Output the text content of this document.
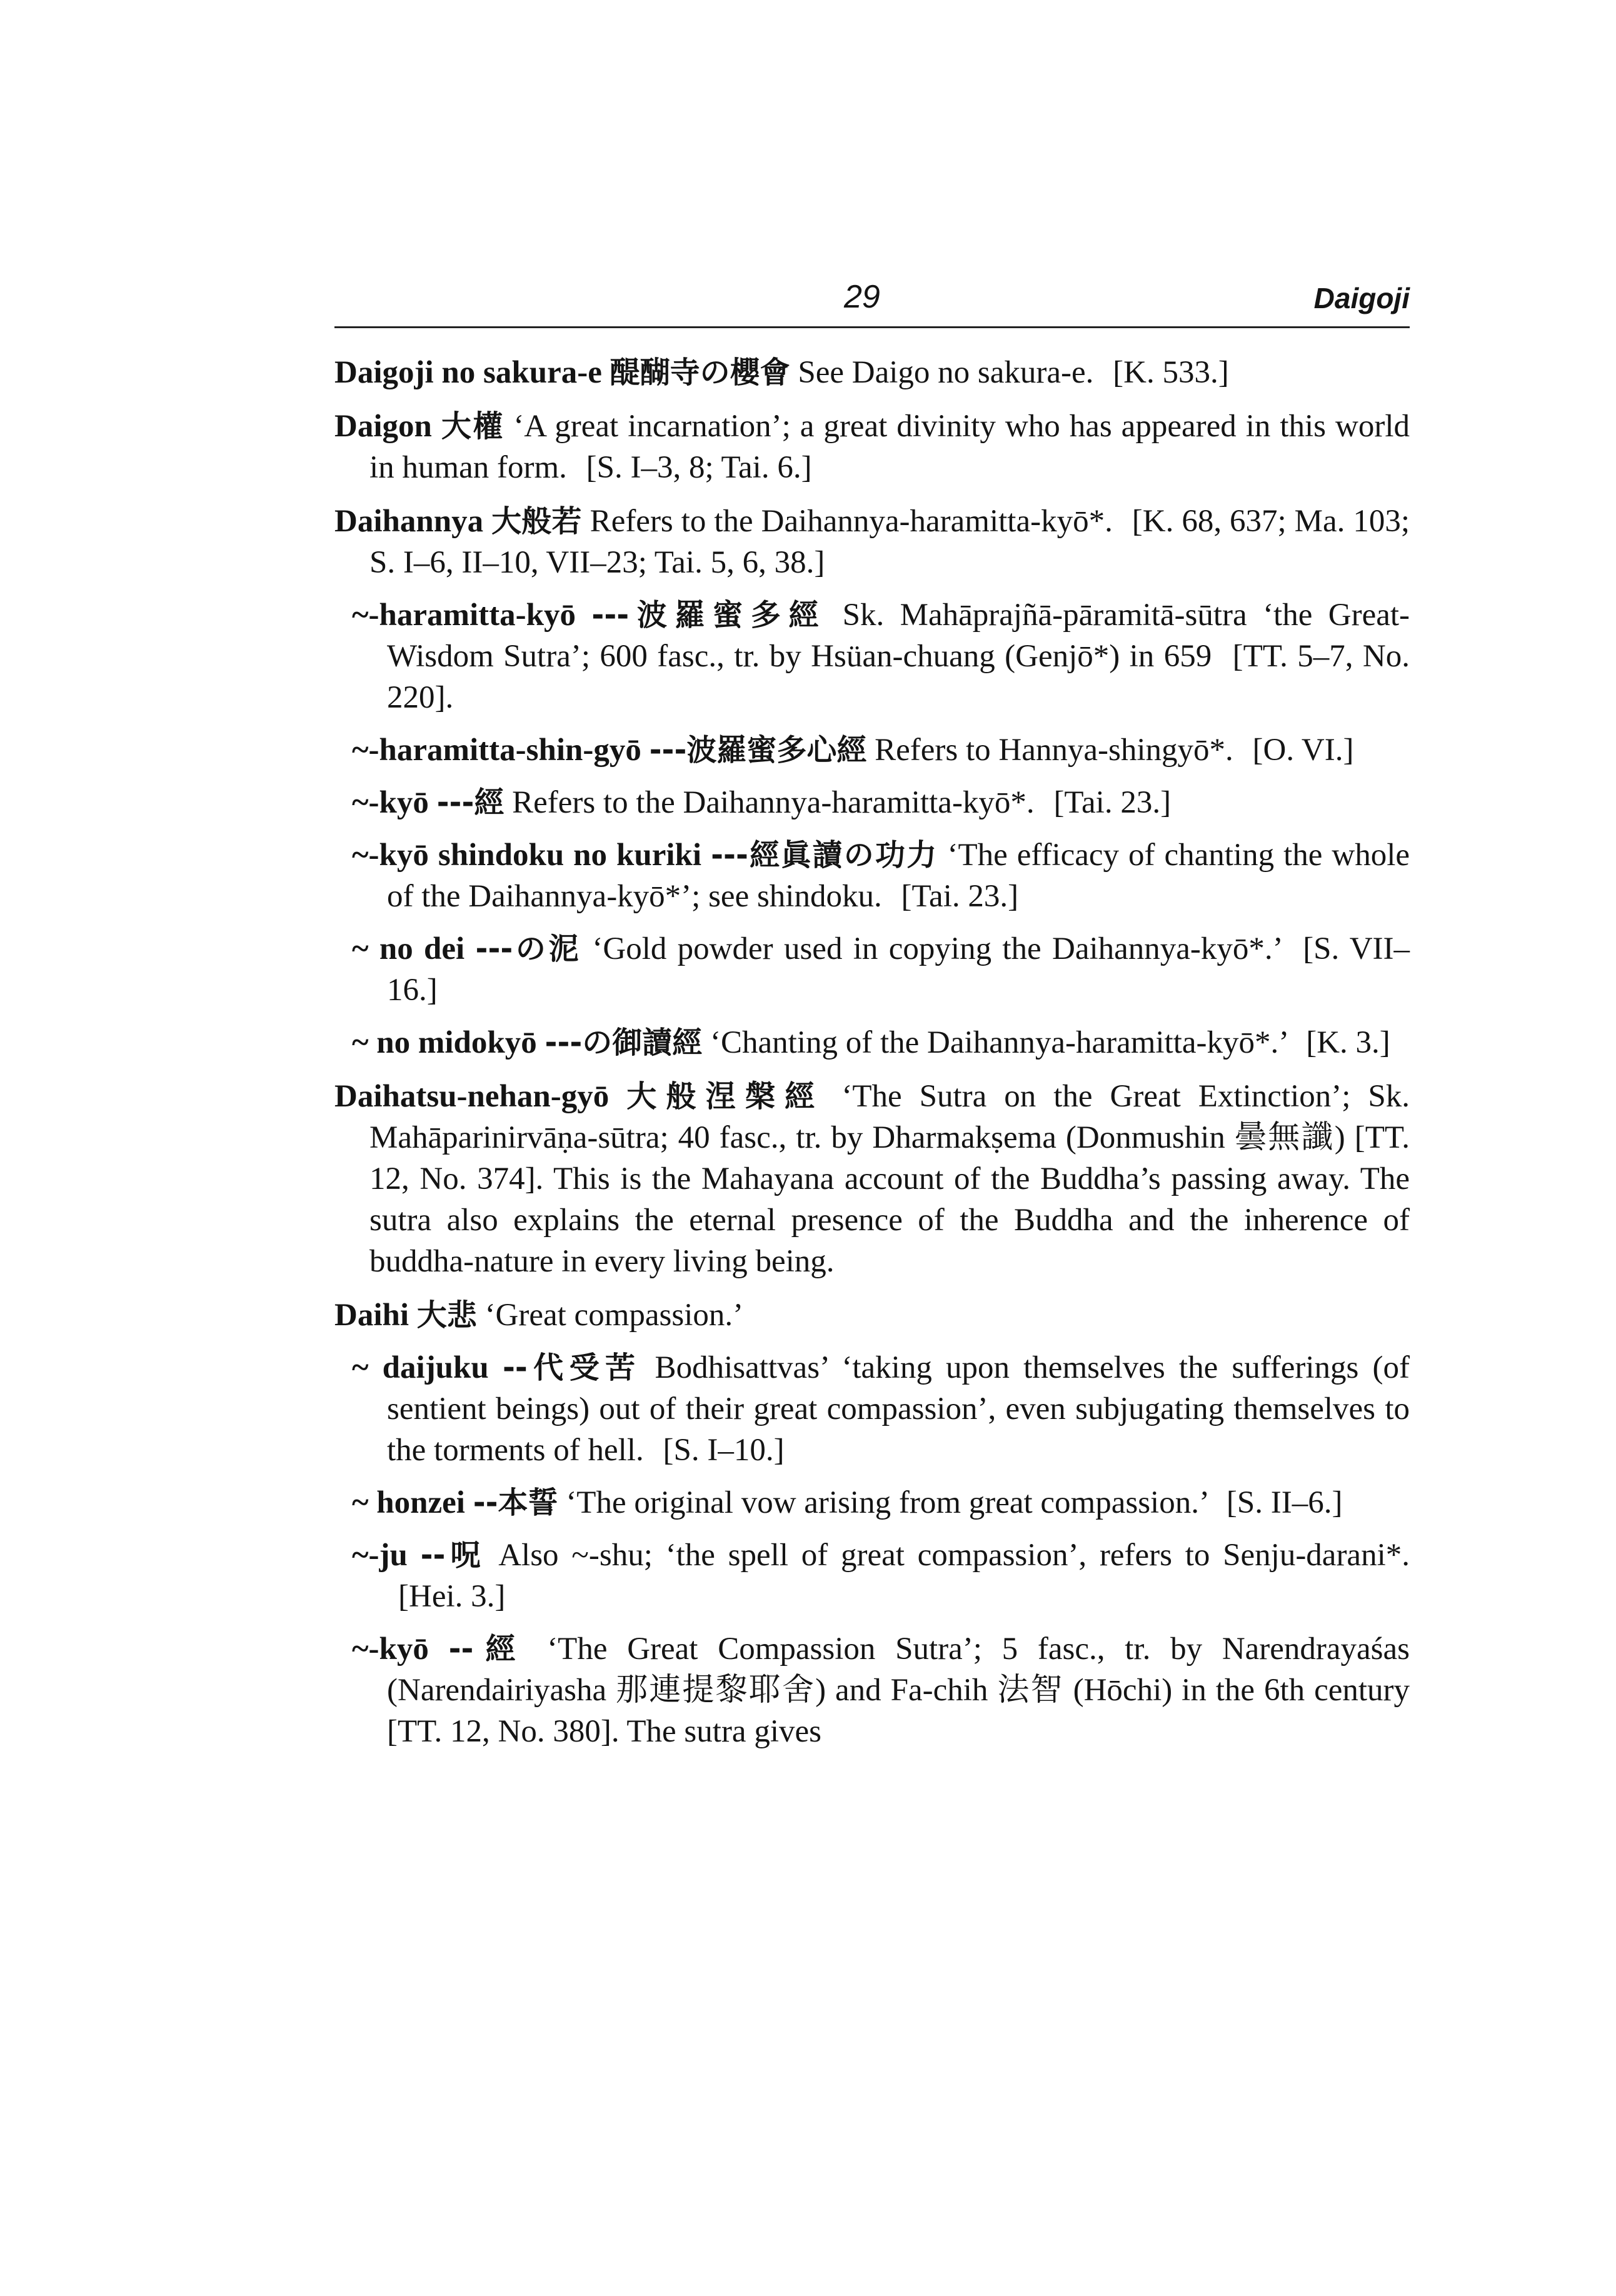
29	Daigoji

Daigoji no sakura-e 醍醐寺の櫻會 See Daigo no sakura-e. [K. 533.]

Daigon 大權 ‘A great incarnation’; a great divinity who has appeared in this world in human form. [S. I–3, 8; Tai. 6.]

Daihannya 大般若 Refers to the Daihannya-haramitta-kyō*. [K. 68, 637; Ma. 103; S. I–6, II–10, VII–23; Tai. 5, 6, 38.]

~-haramitta-kyō ---波羅蜜多經 Sk. Mahāprajñā-pāramitā-sūtra ‘the Great-Wisdom Sutra’; 600 fasc., tr. by Hsüan-chuang (Genjō*) in 659 [TT. 5–7, No. 220].

~-haramitta-shin-gyō ---波羅蜜多心經 Refers to Hannya-shingyō*. [O. VI.]

~-kyō ---經 Refers to the Daihannya-haramitta-kyō*. [Tai. 23.]

~-kyō shindoku no kuriki ---經眞讀の功力 ‘The efficacy of chanting the whole of the Daihannya-kyō*’; see shindoku. [Tai. 23.]

~ no dei ---の泥 ‘Gold powder used in copying the Daihannya-kyō*.’ [S. VII–16.]

~ no midokyō ---の御讀經 ‘Chanting of the Daihannya-haramitta-kyō*.’ [K. 3.]

Daihatsu-nehan-gyō 大般涅槃經 ‘The Sutra on the Great Extinction’; Sk. Mahāparinirvāṇa-sūtra; 40 fasc., tr. by Dharmakṣema (Donmushin 曇無讖) [TT. 12, No. 374]. This is the Mahayana account of the Buddha’s passing away. The sutra also explains the eternal presence of the Buddha and the inherence of buddha-nature in every living being.

Daihi 大悲 ‘Great compassion.’

~ daijuku --代受苦 Bodhisattvas’ ‘taking upon themselves the sufferings (of sentient beings) out of their great compassion’, even subjugating themselves to the torments of hell. [S. I–10.]

~ honzei --本誓 ‘The original vow arising from great compassion.’ [S. II–6.]

~-ju --呪 Also ~-shu; ‘the spell of great compassion’, refers to Senju-darani*. [Hei. 3.]

~-kyō --經 ‘The Great Compassion Sutra’; 5 fasc., tr. by Narendrayaśas (Narendairiyasha 那連提黎耶舍) and Fa-chih 法智 (Hōchi) in the 6th century [TT. 12, No. 380]. The sutra gives
